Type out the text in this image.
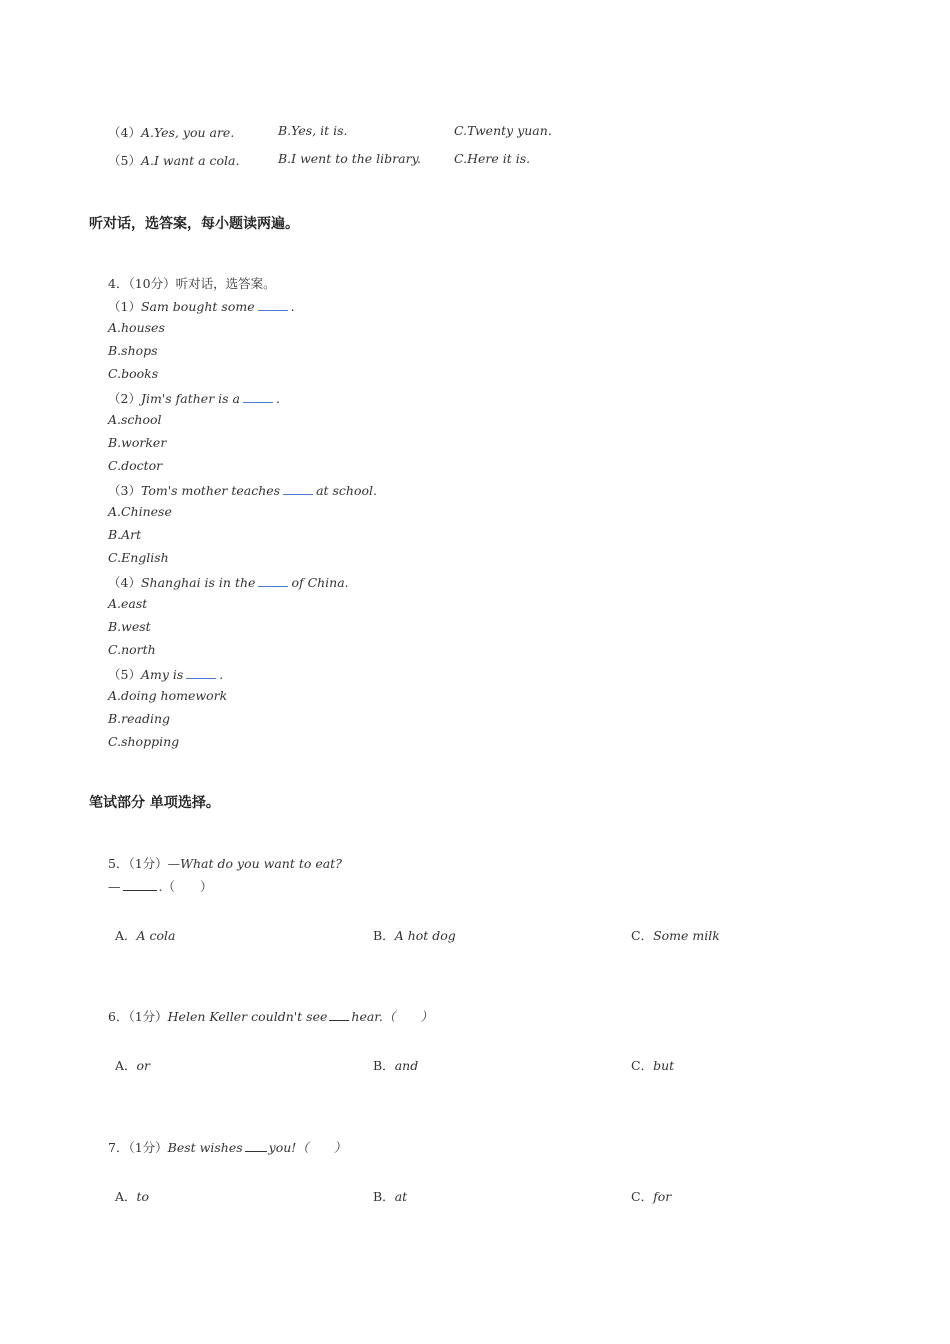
（4）A.Yes, you are.	B.Yes, it is.	C.Twenty yuan.
（5）A.I want a cola.	B.I went to the library.	C.Here it is.
听对话，选答案，每小题读两遍。
4．（10分）听对话，选答案。
（1）Sam bought some	.
A.houses
B.shops
C.books
（2）Jim's father is a	.
A.school
B.worker
C.doctor
（3）Tom's mother teaches	at school.
A.Chinese
B.Art
C.English
（4）Shanghai is in the	of China.
A.east
B.west
C.north
（5）Amy is	.
A.doing homework
B.reading
C.shopping
笔试部分 单项选择。
5．（1分）—What do you want to eat?
—	.（　　）
A．A cola	B．A hot dog	C．Some milk
6．（1分）Helen Keller couldn't see hear.（　　）
A．or	B．and	C．but
7．（1分）Best wishes you!（　　）
A．to	B．at	C．for
